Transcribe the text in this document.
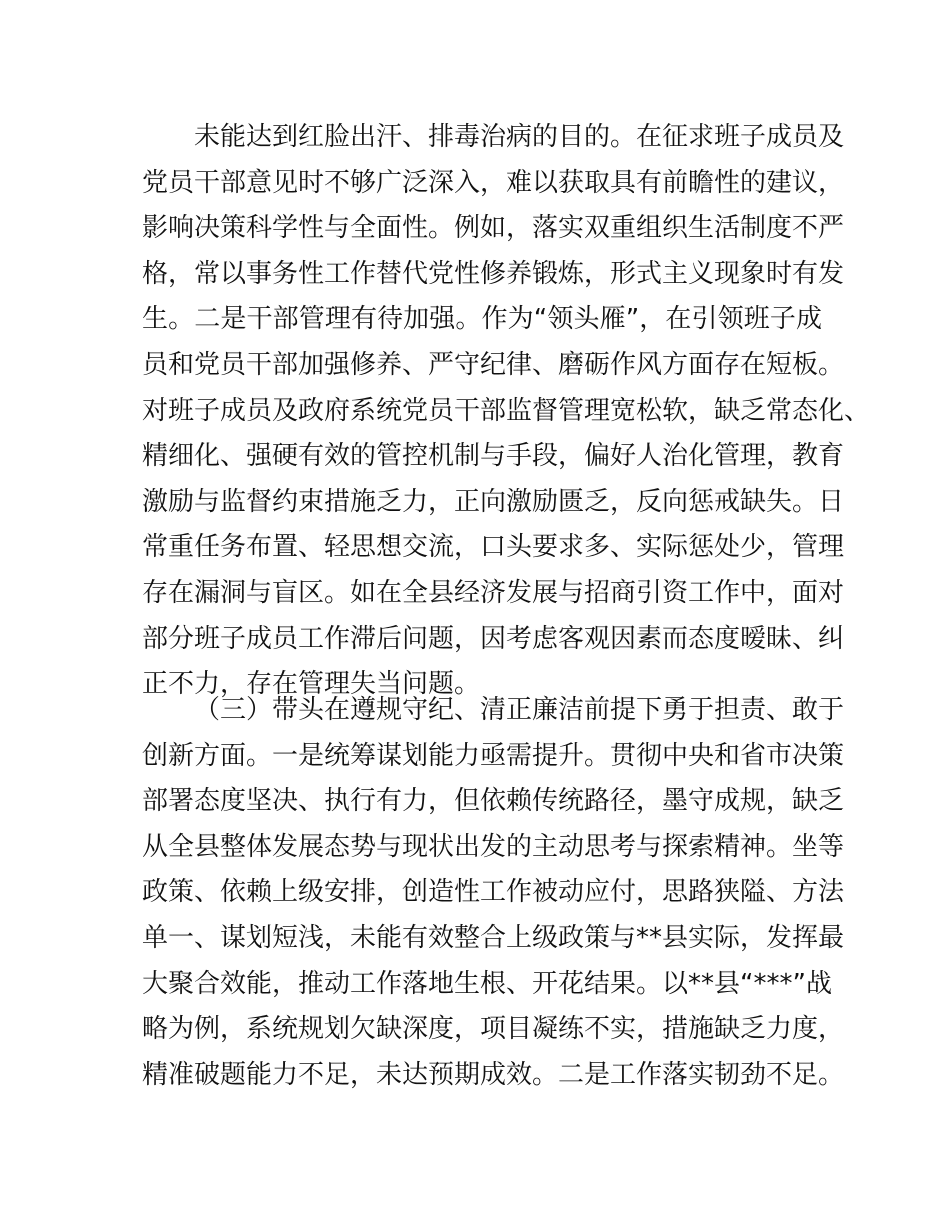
未能达到红脸出汗、排毒治病的目的。在征求班子成员及
党员干部意见时不够广泛深入，难以获取具有前瞻性的建议，
影响决策科学性与全面性。例如，落实双重组织生活制度不严
格，常以事务性工作替代党性修养锻炼，形式主义现象时有发
生。二是干部管理有待加强。作为“领头雁”，在引领班子成
员和党员干部加强修养、严守纪律、磨砺作风方面存在短板。
对班子成员及政府系统党员干部监督管理宽松软，缺乏常态化、
精细化、强硬有效的管控机制与手段，偏好人治化管理，教育
激励与监督约束措施乏力，正向激励匮乏，反向惩戒缺失。日
常重任务布置、轻思想交流，口头要求多、实际惩处少，管理
存在漏洞与盲区。如在全县经济发展与招商引资工作中，面对
部分班子成员工作滞后问题，因考虑客观因素而态度暧昧、纠
正不力，存在管理失当问题。
（三）带头在遵规守纪、清正廉洁前提下勇于担责、敢于
创新方面。一是统筹谋划能力亟需提升。贯彻中央和省市决策
部署态度坚决、执行有力，但依赖传统路径，墨守成规，缺乏
从全县整体发展态势与现状出发的主动思考与探索精神。坐等
政策、依赖上级安排，创造性工作被动应付，思路狭隘、方法
单一、谋划短浅，未能有效整合上级政策与**县实际，发挥最
大聚合效能，推动工作落地生根、开花结果。以**县“***”战
略为例，系统规划欠缺深度，项目凝练不实，措施缺乏力度，
精准破题能力不足，未达预期成效。二是工作落实韧劲不足。
